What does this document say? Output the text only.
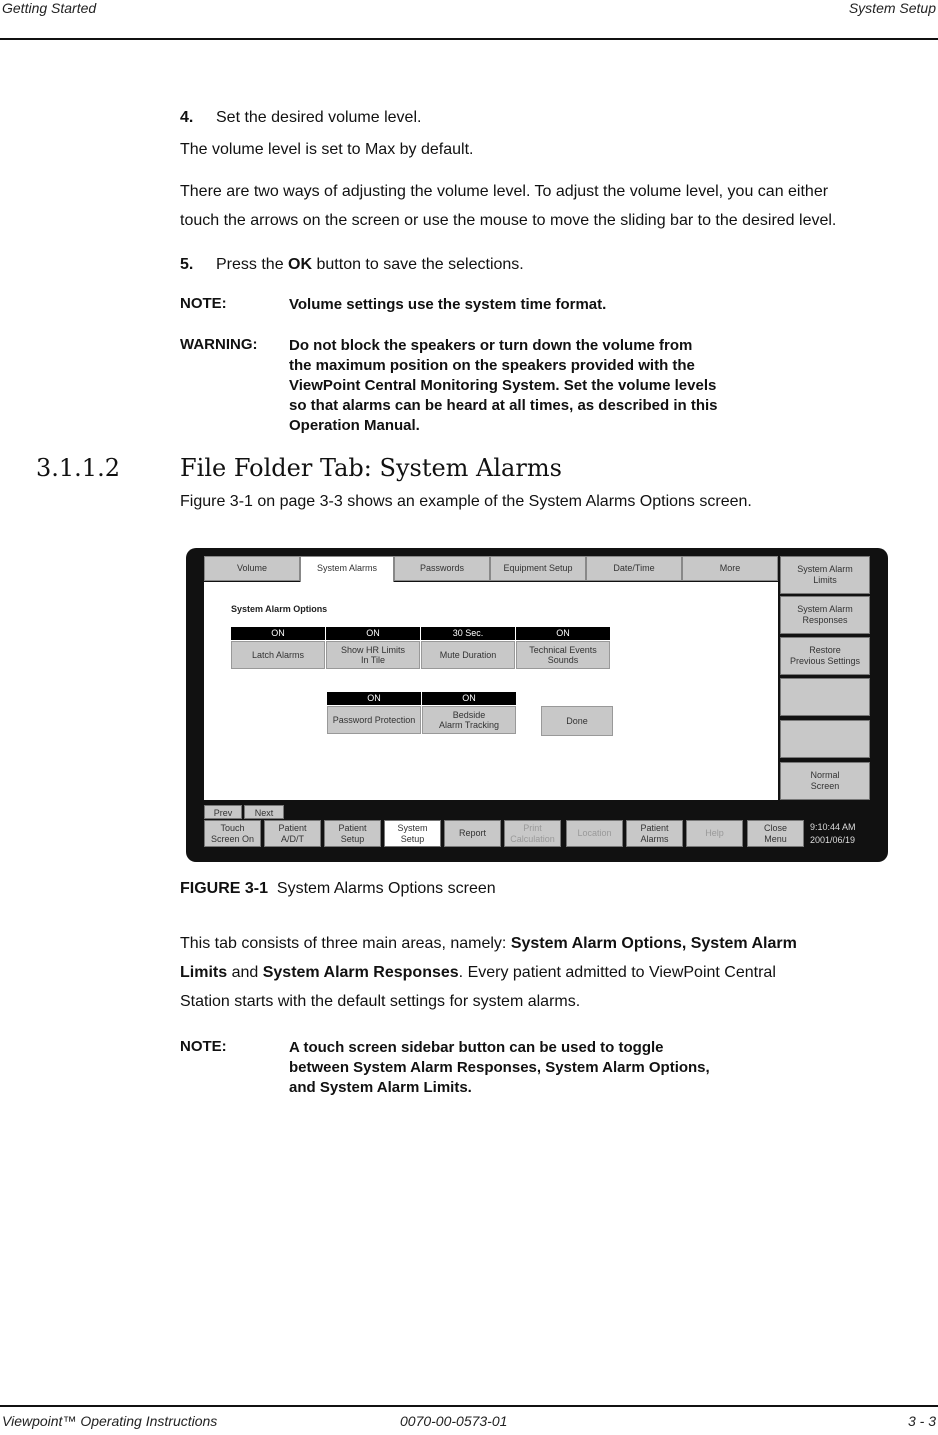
Getting Started	System Setup
4. Set the desired volume level.
The volume level is set to Max by default.
There are two ways of adjusting the volume level. To adjust the volume level, you can either
touch the arrows on the screen or use the mouse to move the sliding bar to the desired level.
5. Press the OK button to save the selections.
NOTE:	Volume settings use the system time format.
WARNING: Do not block the speakers or turn down the volume from
the maximum position on the speakers provided with the
ViewPoint Central Monitoring System. Set the volume levels
so that alarms can be heard at all times, as described in this
Operation Manual.
3.1.1.2	File Folder Tab: System Alarms
Figure 3-1 on page 3-3 shows an example of the System Alarms Options screen.
Volume	System Alarms	Passwords	Equipment Setup	Date/Time	More
System Alarm Options
ON	ON	30 Sec.	ON
Latch Alarms	Show HR Limits
In Tile	Mute Duration	Technical Events
Sounds
ON	ON
Password Protection	Bedside
Alarm Tracking	Done
System Alarm
Limits
System Alarm
Responses
Restore
Previous Settings
Normal
Screen
Prev	Next
Touch
Screen On
Patient
A/D/T
Patient
Setup
System
Setup
Report
Print
Calculation
Location
Patient
Alarms
Help
Close
Menu
9:10:44 AM
2001/06/19
FIGURE 3-1 System Alarms Options screen
This tab consists of three main areas, namely: System Alarm Options, System Alarm
Limits and System Alarm Responses. Every patient admitted to ViewPoint Central
Station starts with the default settings for system alarms.
NOTE:	A touch screen sidebar button can be used to toggle
between System Alarm Responses, System Alarm Options,
and System Alarm Limits.
Viewpoint™ Operating Instructions	0070-00-0573-01	3 - 3
